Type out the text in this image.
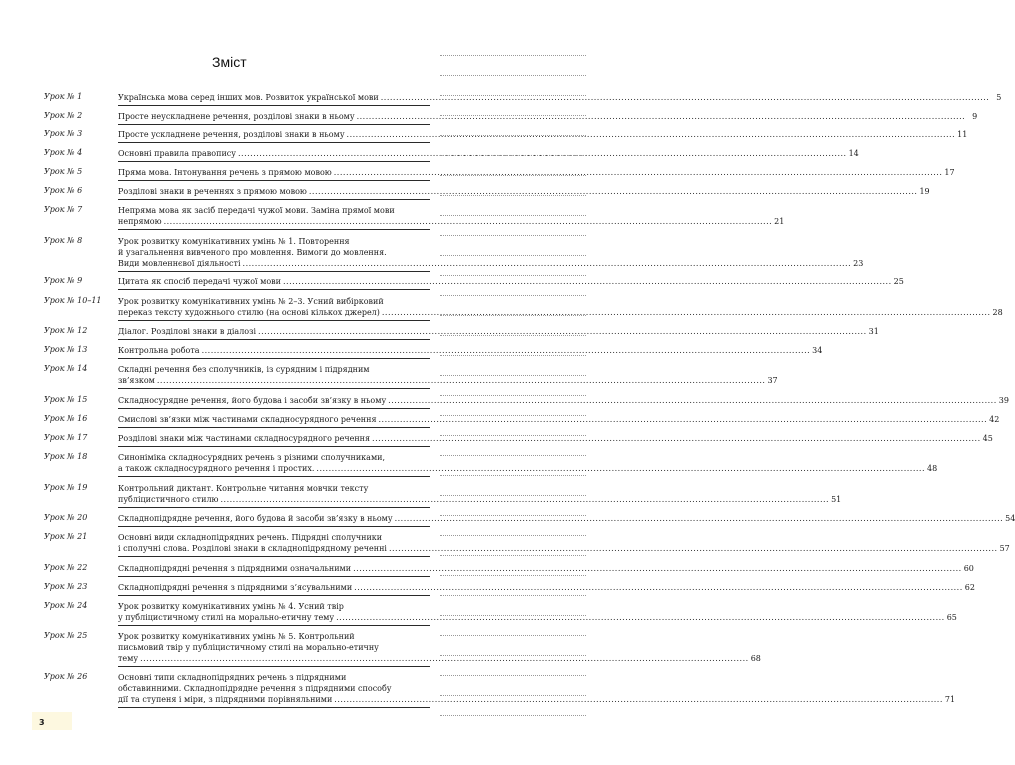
Зміст
Урок № 1	Українська мова серед інших мов. Розвиток української мови ........................................................................................................................................................................................................ 5
Урок № 2	Просте неускладнене речення, розділові знаки в ньому ........................................................................................................................................................................................................ 9
Урок № 3	Просте ускладнене речення, розділові знаки в ньому ........................................................................................................................................................................................................ 11
Урок № 4	Основні правила правопису ........................................................................................................................................................................................................ 14
Урок № 5	Пряма мова. Інтонування речень з прямою мовою ........................................................................................................................................................................................................ 17
Урок № 6	Розділові знаки в реченнях з прямою мовою ........................................................................................................................................................................................................ 19
Урок № 7	Непряма мова як засіб передачі чужої мови. Заміна прямої мови
непрямою ........................................................................................................................................................................................................ 21
Урок № 8	Урок розвитку комунікативних умінь № 1. Повторення
й узагальнення вивченого про мовлення. Вимоги до мовлення.
Види мовленнєвої діяльності ........................................................................................................................................................................................................ 23
Урок № 9	Цитата як спосіб передачі чужої мови ........................................................................................................................................................................................................ 25
Урок № 10–11 Урок розвитку комунікативних умінь № 2–3. Усний вибірковий
переказ тексту художнього стилю (на основі кількох джерел) ........................................................................................................................................................................................................ 28
Урок № 12	Діалог. Розділові знаки в діалозі ........................................................................................................................................................................................................ 31
Урок № 13	Контрольна робота ........................................................................................................................................................................................................ 34
Урок № 14	Складні речення без сполучників, із сурядним і підрядним
зв’язком ........................................................................................................................................................................................................ 37
Урок № 15	Складносурядне речення, його будова і засоби зв’язку в ньому ........................................................................................................................................................................................................ 39
Урок № 16	Смислові зв’язки між частинами складносурядного речення ........................................................................................................................................................................................................ 42
Урок № 17	Розділові знаки між частинами складносурядного речення ........................................................................................................................................................................................................ 45
Урок № 18	Синоніміка складносурядних речень з різними сполучниками,
а також складносурядного речення і простих. ........................................................................................................................................................................................................ 48
Урок № 19	Контрольний диктант. Контрольне читання мовчки тексту
публіцистичного стилю ........................................................................................................................................................................................................ 51
Урок № 20	Складнопідрядне речення, його будова й засоби зв’язку в ньому ........................................................................................................................................................................................................ 54
Урок № 21	Основні види складнопідрядних речень. Підрядні сполучники
і сполучні слова. Розділові знаки в складнопідрядному реченні ........................................................................................................................................................................................................ 57
Урок № 22	Складнопідрядні речення з підрядними означальними ........................................................................................................................................................................................................ 60
Урок № 23	Складнопідрядні речення з підрядними з’ясувальними ........................................................................................................................................................................................................ 62
Урок № 24	Урок розвитку комунікативних умінь № 4. Усний твір
у публіцистичному стилі на морально-етичну тему ........................................................................................................................................................................................................ 65
Урок № 25	Урок розвитку комунікативних умінь № 5. Контрольний
письмовий твір у публіцистичному стилі на морально-етичну
тему ........................................................................................................................................................................................................ 68
Урок № 26	Основні типи складнопідрядних речень з підрядними
обставинними. Складнопідрядне речення з підрядними способу
дії та ступеня і міри, з підрядними порівняльними ........................................................................................................................................................................................................ 71
3
